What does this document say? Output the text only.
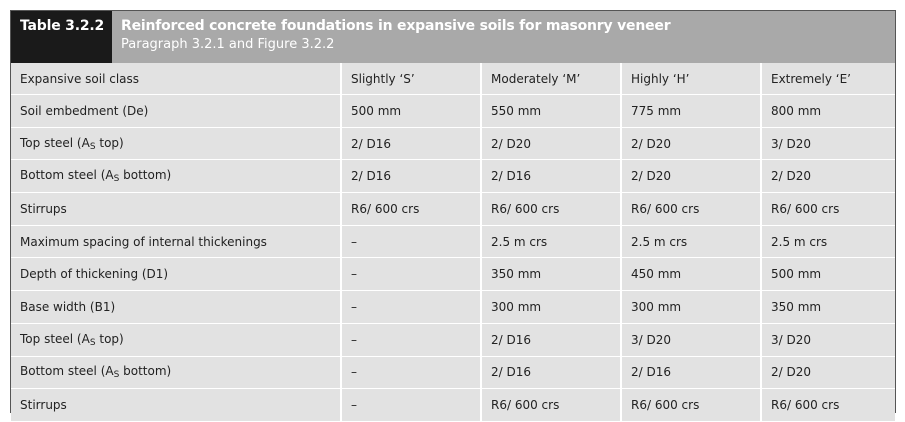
Table 3.2.2 Reinforced concrete foundations in expansive soils for masonry veneer
Paragraph 3.2.1 and Figure 3.2.2
Expansive soil class	Slightly ‘S’	Moderately ‘M’	Highly ‘H’	Extremely ‘E’
Soil embedment (De)	500 mm	550 mm	775 mm	800 mm
Top steel ($A_S$ top)	2/ D16	2/ D20	2/ D20	3/ D20
Bottom steel ($A_S$ bottom)	2/ D16	2/ D16	2/ D20	2/ D20
Stirrups	R6/ 600 crs	R6/ 600 crs	R6/ 600 crs	R6/ 600 crs
Maximum spacing of internal thickenings	–	2.5 m crs	2.5 m crs	2.5 m crs
Depth of thickening (D1)	–	350 mm	450 mm	500 mm
Base width (B1)	–	300 mm	300 mm	350 mm
Top steel ($A_S$ top)	–	2/ D16	3/ D20	3/ D20
Bottom steel ($A_S$ bottom)	–	2/ D16	2/ D16	2/ D20
Stirrups	–	R6/ 600 crs	R6/ 600 crs	R6/ 600 crs
